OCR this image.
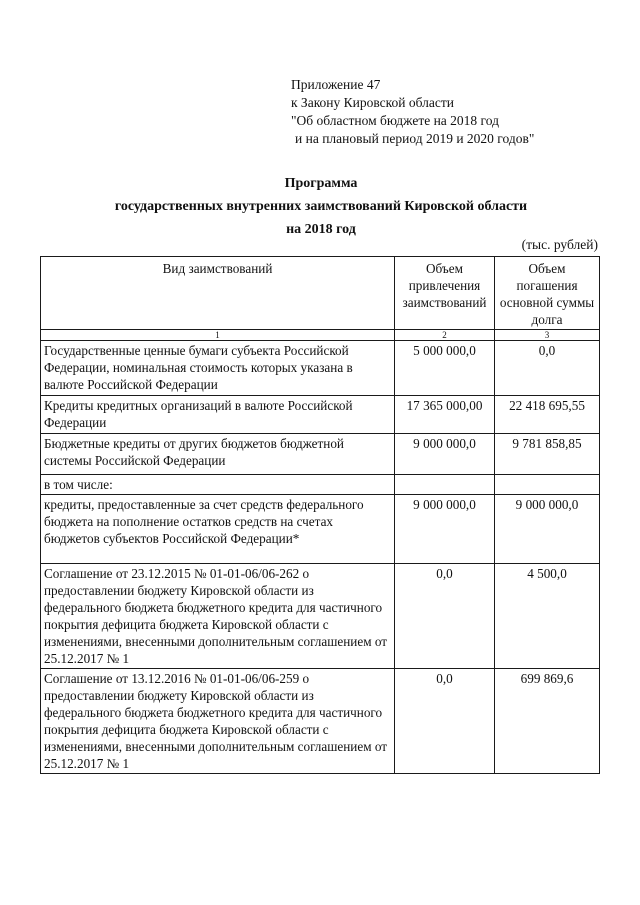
Приложение 47
к Закону Кировской области
"Об областном бюджете на 2018 год
и на плановый период 2019 и 2020 годов"
Программа
государственных внутренних заимствований Кировской области
на 2018 год
(тыс. рублей)
Вид заимствований	Объем привлечения заимствований	Объем погашения основной суммы долга
1	2	3
Государственные ценные бумаги субъекта Российской Федерации, номинальная стоимость которых указана в валюте Российской Федерации	5 000 000,0	0,0
Кредиты кредитных организаций в валюте Российской Федерации	17 365 000,00	22 418 695,55
Бюджетные кредиты от других бюджетов бюджетной системы Российской Федерации	9 000 000,0	9 781 858,85
в том числе:		
кредиты, предоставленные за счет средств федерального бюджета на пополнение остатков средств на счетах бюджетов субъектов Российской Федерации*	9 000 000,0	9 000 000,0
Соглашение от 23.12.2015 № 01-01-06/06-262 о предоставлении бюджету Кировской области из федерального бюджета бюджетного кредита для частичного покрытия дефицита бюджета Кировской области с изменениями, внесенными дополнительным соглашением от 25.12.2017 № 1	0,0	4 500,0
Соглашение от 13.12.2016 № 01-01-06/06-259 о предоставлении бюджету Кировской области из федерального бюджета бюджетного кредита для частичного покрытия дефицита бюджета Кировской области с изменениями, внесенными дополнительным соглашением от 25.12.2017 № 1	0,0	699 869,6
